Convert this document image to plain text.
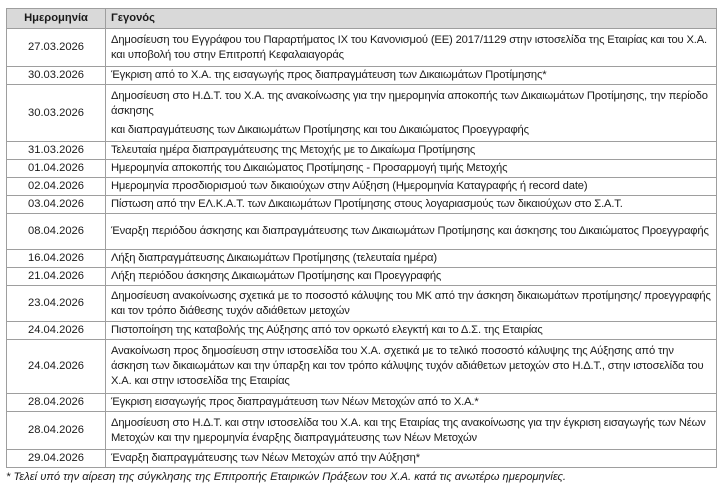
Ημερομηνία	Γεγονός
27.03.2026	Δημοσίευση του Εγγράφου του Παραρτήματος IX του Κανονισμού (ΕΕ) 2017/1129 στην ιστοσελίδα της Εταιρίας και του Χ.Α. και υποβολή του στην Επιτροπή Κεφαλαιαγοράς
30.03.2026	Έγκριση από το Χ.Α. της εισαγωγής προς διαπραγμάτευση των Δικαιωμάτων Προτίμησης*
30.03.2026	Δημοσίευση στο Η.Δ.Τ. του Χ.Α. της ανακοίνωσης για την ημερομηνία αποκοπής των Δικαιωμάτων Προτίμησης, την περίοδο άσκησης
και διαπραγμάτευσης των Δικαιωμάτων Προτίμησης και του Δικαιώματος Προεγγραφής

31.03.2026	Τελευταία ημέρα διαπραγμάτευσης της Μετοχής με το Δικαίωμα Προτίμησης
01.04.2026	Ημερομηνία αποκοπής του Δικαιώματος Προτίμησης - Προσαρμογή τιμής Μετοχής
02.04.2026	Ημερομηνία προσδιορισμού των δικαιούχων στην Αύξηση (Ημερομηνία Καταγραφής ή record date)
03.04.2026	Πίστωση από την ΕΛ.Κ.Α.Τ. των Δικαιωμάτων Προτίμησης στους λογαριασμούς των δικαιούχων στο Σ.Α.Τ.
08.04.2026	Έναρξη περιόδου άσκησης και διαπραγμάτευσης των Δικαιωμάτων Προτίμησης και άσκησης του Δικαιώματος Προεγγραφής
16.04.2026	Λήξη διαπραγμάτευσης Δικαιωμάτων Προτίμησης (τελευταία ημέρα)
21.04.2026	Λήξη περιόδου άσκησης Δικαιωμάτων Προτίμησης και Προεγγραφής
23.04.2026	Δημοσίευση ανακοίνωσης σχετικά με το ποσοστό κάλυψης του ΜΚ από την άσκηση δικαιωμάτων προτίμησης/ προεγγραφής και τον τρόπο διάθεσης τυχόν αδιάθετων μετοχών
24.04.2026	Πιστοποίηση της καταβολής της Αύξησης από τον ορκωτό ελεγκτή και το Δ.Σ. της Εταιρίας
24.04.2026	Ανακοίνωση προς δημοσίευση στην ιστοσελίδα του Χ.Α. σχετικά με το τελικό ποσοστό κάλυψης της Αύξησης από την άσκηση των δικαιωμάτων και την ύπαρξη και τον τρόπο κάλυψης τυχόν αδιάθετων μετοχών στο Η.Δ.Τ., στην ιστοσελίδα του Χ.Α. και στην ιστοσελίδα της Εταιρίας
28.04.2026	Έγκριση εισαγωγής προς διαπραγμάτευση των Νέων Μετοχών από το Χ.Α.*
28.04.2026	Δημοσίευση στο Η.Δ.Τ. και στην ιστοσελίδα του Χ.Α. και της Εταιρίας της ανακοίνωσης για την έγκριση εισαγωγής των Νέων Μετοχών και την ημερομηνία έναρξης διαπραγμάτευσης των Νέων Μετοχών
29.04.2026	Έναρξη διαπραγμάτευσης των Νέων Μετοχών από την Αύξηση*
* Τελεί υπό την αίρεση της σύγκλησης της Επιτροπής Εταιρικών Πράξεων του Χ.Α. κατά τις ανωτέρω ημερομηνίες.
